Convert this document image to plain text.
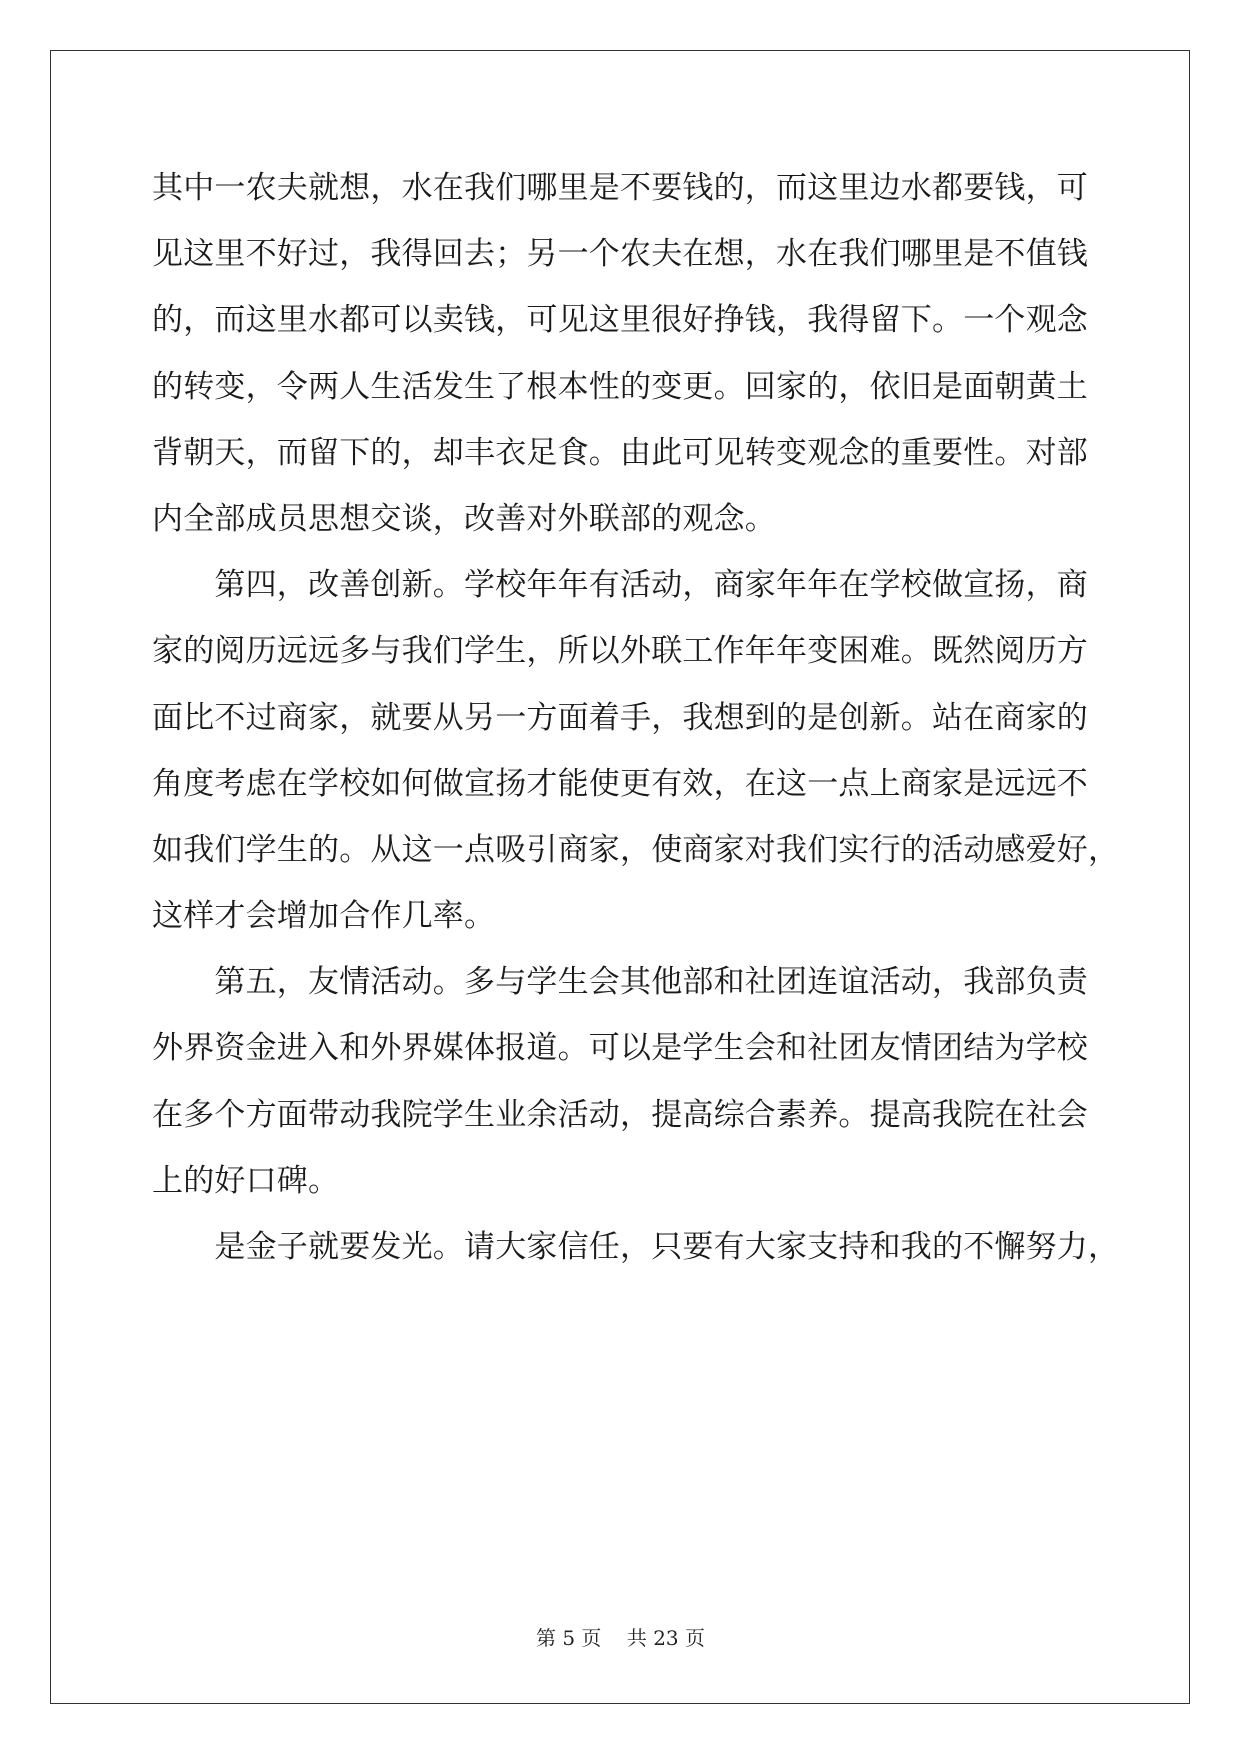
其中一农夫就想，水在我们哪里是不要钱的，而这里边水都要钱，可
见这里不好过，我得回去；另一个农夫在想，水在我们哪里是不值钱
的，而这里水都可以卖钱，可见这里很好挣钱，我得留下。一个观念
的转变，令两人生活发生了根本性的变更。回家的，依旧是面朝黄土
背朝天，而留下的，却丰衣足食。由此可见转变观念的重要性。对部
内全部成员思想交谈，改善对外联部的观念。
　　第四，改善创新。学校年年有活动，商家年年在学校做宣扬，商
家的阅历远远多与我们学生，所以外联工作年年变困难。既然阅历方
面比不过商家，就要从另一方面着手，我想到的是创新。站在商家的
角度考虑在学校如何做宣扬才能使更有效，在这一点上商家是远远不
如我们学生的。从这一点吸引商家，使商家对我们实行的活动感爱好，
这样才会增加合作几率。
　　第五，友情活动。多与学生会其他部和社团连谊活动，我部负责
外界资金进入和外界媒体报道。可以是学生会和社团友情团结为学校
在多个方面带动我院学生业余活动，提高综合素养。提高我院在社会
上的好口碑。
　　是金子就要发光。请大家信任，只要有大家支持和我的不懈努力，
第 5 页    共 23 页
